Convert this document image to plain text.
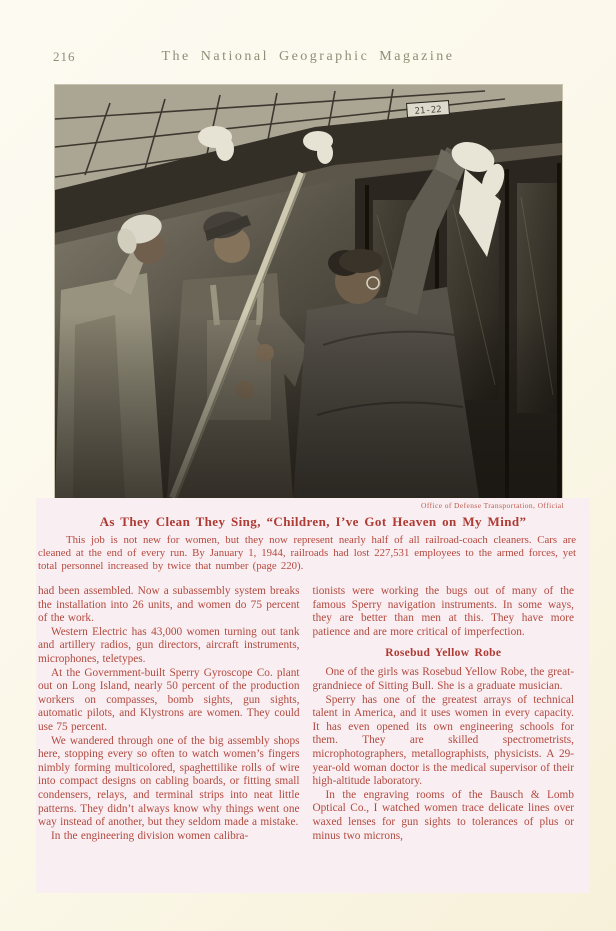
216	The National Geographic Magazine
Office of Defense Transportation, Official
As They Clean They Sing, “Children, I’ve Got Heaven on My Mind”
This job is not new for women, but they now represent nearly half of all railroad-coach cleaners. Cars are cleaned at the end of every run. By January 1, 1944, railroads had lost 227,531 employees to the armed forces, yet total personnel increased by twice that number (page 220).

had been assembled. Now a subassembly system breaks the installation into 26 units, and women do 75 percent of the work.

Western Electric has 43,000 women turning out tank and artillery radios, gun directors, aircraft instruments, microphones, teletypes.

At the Government-built Sperry Gyroscope Co. plant out on Long Island, nearly 50 percent of the production workers on compasses, bomb sights, gun sights, automatic pilots, and Klystrons are women. They could use 75 percent.

We wandered through one of the big assembly shops here, stopping every so often to watch women’s fingers nimbly forming multicolored, spaghettilike rolls of wire into compact designs on cabling boards, or fitting small condensers, relays, and terminal strips into neat little patterns. They didn’t always know why things went one way instead of another, but they seldom made a mistake.

In the engineering division women calibra-

tionists were working the bugs out of many of the famous Sperry navigation instruments. In some ways, they are better than men at this. They have more patience and are more critical of imperfection.

Rosebud Yellow Robe

One of the girls was Rosebud Yellow Robe, the great-grandniece of Sitting Bull. She is a graduate musician.

Sperry has one of the greatest arrays of technical talent in America, and it uses women in every capacity. It has even opened its own engineering schools for them. They are skilled spectrometrists, microphotographers, metallographists, physicists. A 29-year-old woman doctor is the medical supervisor of their high-altitude laboratory.

In the engraving rooms of the Bausch & Lomb Optical Co., I watched women trace delicate lines over waxed lenses for gun sights to tolerances of plus or minus two microns,
